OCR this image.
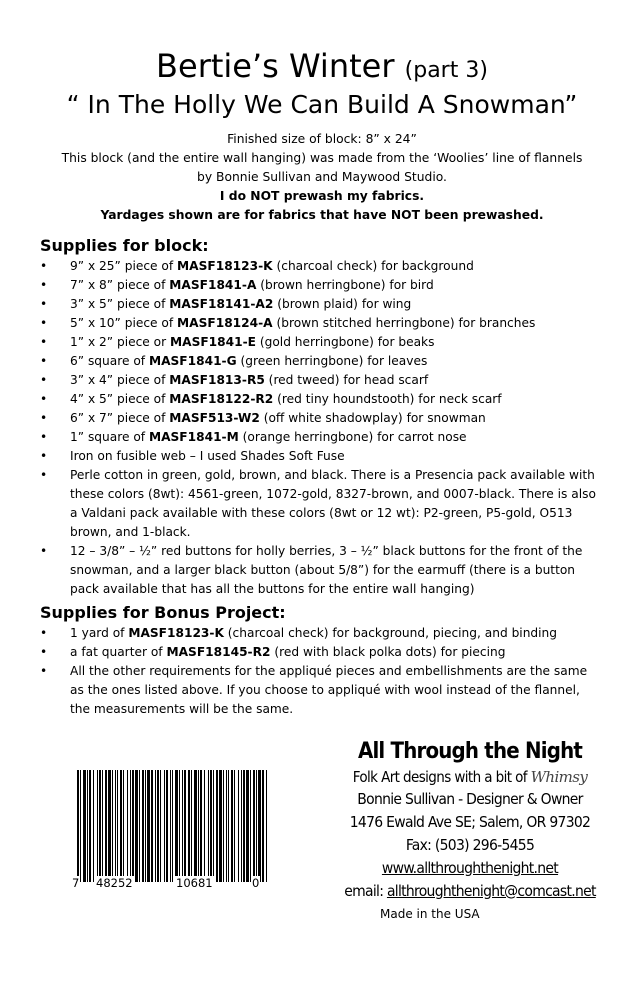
Bertie’s Winter (part 3)
“ In The Holly We Can Build A Snowman”
Finished size of block: 8” x 24”
This block (and the entire wall hanging) was made from the ‘Woolies’ line of flannels
by Bonnie Sullivan and Maywood Studio.
I do NOT prewash my fabrics.
Yardages shown are for fabrics that have NOT been prewashed.
Supplies for block:
• 9” x 25” piece of MASF18123-K (charcoal check) for background
• 7” x 8” piece of MASF1841-A (brown herringbone) for bird
• 3” x 5” piece of MASF18141-A2 (brown plaid) for wing
• 5” x 10” piece of MASF18124-A (brown stitched herringbone) for branches
• 1” x 2” piece or MASF1841-E (gold herringbone) for beaks
• 6” square of MASF1841-G (green herringbone) for leaves
• 3” x 4” piece of MASF1813-R5 (red tweed) for head scarf
• 4” x 5” piece of MASF18122-R2 (red tiny houndstooth) for neck scarf
• 6” x 7” piece of MASF513-W2 (off white shadowplay) for snowman
• 1” square of MASF1841-M (orange herringbone) for carrot nose
• Iron on fusible web – I used Shades Soft Fuse
• Perle cotton in green, gold, brown, and black. There is a Presencia pack available with these colors (8wt): 4561-green, 1072-gold, 8327-brown, and 0007-black. There is also a Valdani pack available with these colors (8wt or 12 wt): P2-green, P5-gold, O513 brown, and 1-black.
• 12 – 3/8” – ½” red buttons for holly berries, 3 – ½” black buttons for the front of the snowman, and a larger black button (about 5/8”) for the earmuff (there is a button pack available that has all the buttons for the entire wall hanging)
Supplies for Bonus Project:
• 1 yard of MASF18123-K (charcoal check) for background, piecing, and binding
• a fat quarter of MASF18145-R2 (red with black polka dots) for piecing
• All the other requirements for the appliqué pieces and embellishments are the same as the ones listed above. If you choose to appliqué with wool instead of the flannel, the measurements will be the same.
7 48252	10681	0
All Through the Night
Folk Art designs with a bit of Whimsy
Bonnie Sullivan - Designer & Owner
1476 Ewald Ave SE; Salem, OR 97302
Fax: (503) 296-5455
www.allthroughthenight.net
email: allthroughthenight@comcast.net
Made in the USA
